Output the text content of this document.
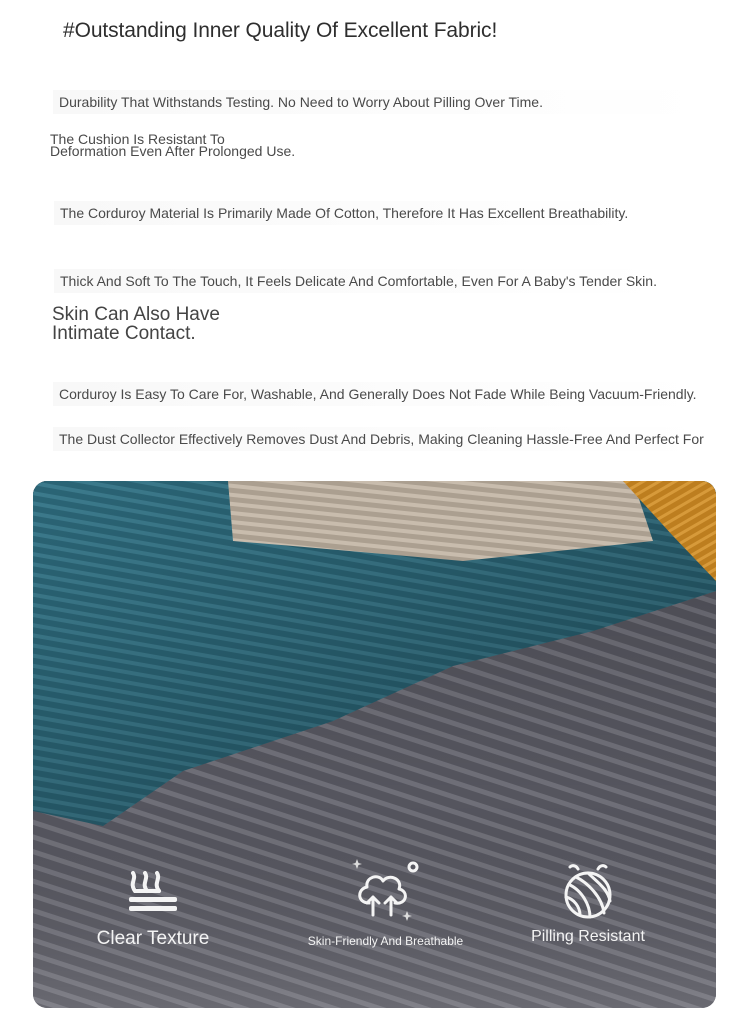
#Outstanding Inner Quality Of Excellent Fabric!

Durability That Withstands Testing. No Need to Worry About Pilling Over Time.

The Cushion Is Resistant To

Deformation Even After Prolonged Use.

The Corduroy Material Is Primarily Made Of Cotton, Therefore It Has Excellent Breathability.

Thick And Soft To The Touch, It Feels Delicate And Comfortable, Even For A Baby's Tender Skin.

Skin Can Also Have

Intimate Contact.

Corduroy Is Easy To Care For, Washable, And Generally Does Not Fade While Being Vacuum-Friendly.

The Dust Collector Effectively Removes Dust And Debris, Making Cleaning Hassle-Free And Perfect For

Clear Texture	Skin-Friendly And Breathable	Pilling Resistant
